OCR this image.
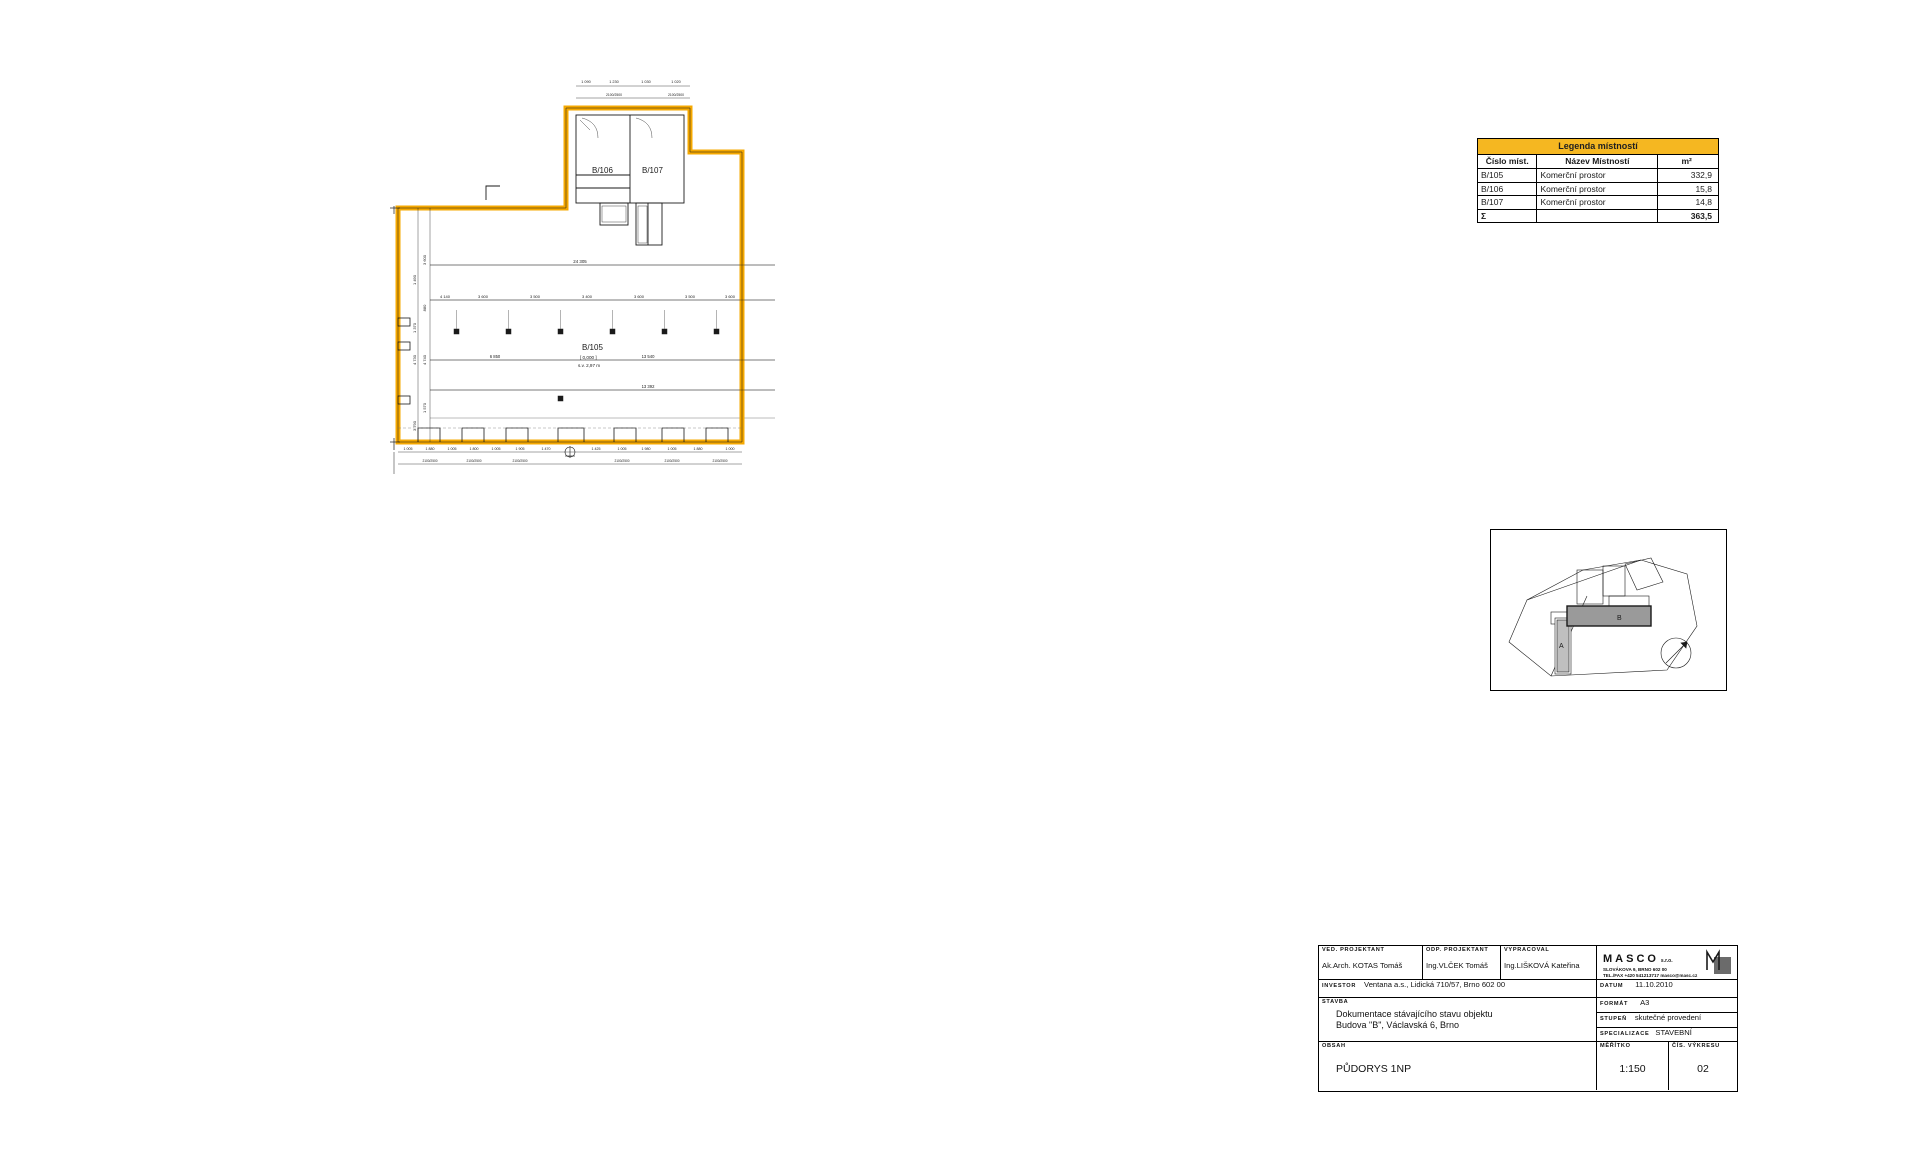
B/106	B/107
B/105
[ 0,000 ]
s.v. 2,97 m
24 305
4 140	3 600	3 500	3 400	3 600	3 500	3 600
6 850	13 540
13 392
3 600
1 490
880
1 370
4 740
4 730
1 570
3 790
1 090	1 230	1 030	1 020
2100/2500	2100/2500
1 005	1 880	1 005	1 800	1 005	1 905	1 470	1 425	1 005	1 980	1 005	1 880	1 000
2100/2500	2100/2500	2100/2500	2100/2500	2100/2500	2100/2500
Legenda místností		
Číslo míst.	Název Místností	m²
B/105	Komerční prostor	332,9
B/106	Komerční prostor	15,8
B/107	Komerční prostor	14,8
Σ		363,5
A
B
VED. PROJEKTANT
Ak.Arch. KOTAS Tomáš
ODP. PROJEKTANT
Ing.VLČEK Tomáš
VYPRACOVAL
Ing.LIŠKOVÁ Kateřina
MASCO s.r.o.
SLOVÁKOVA 9, BRNO 602 00
TEL./FAX +420 541213717 masco@masc.cz
INVESTOR Ventana a.s., Lidická 710/57, Brno 602 00	DATUM 11.10.2010
STAVBA
Dokumentace stávajícího stavu objektu
Budova "B", Václavská 6, Brno
FORMÁT A3
STUPEŇ skutečné provedení
SPECIALIZACE STAVEBNÍ
OBSAH
PŮDORYS 1NP
MĚŘÍTKO
1:150
ČÍS. VÝKRESU
02
